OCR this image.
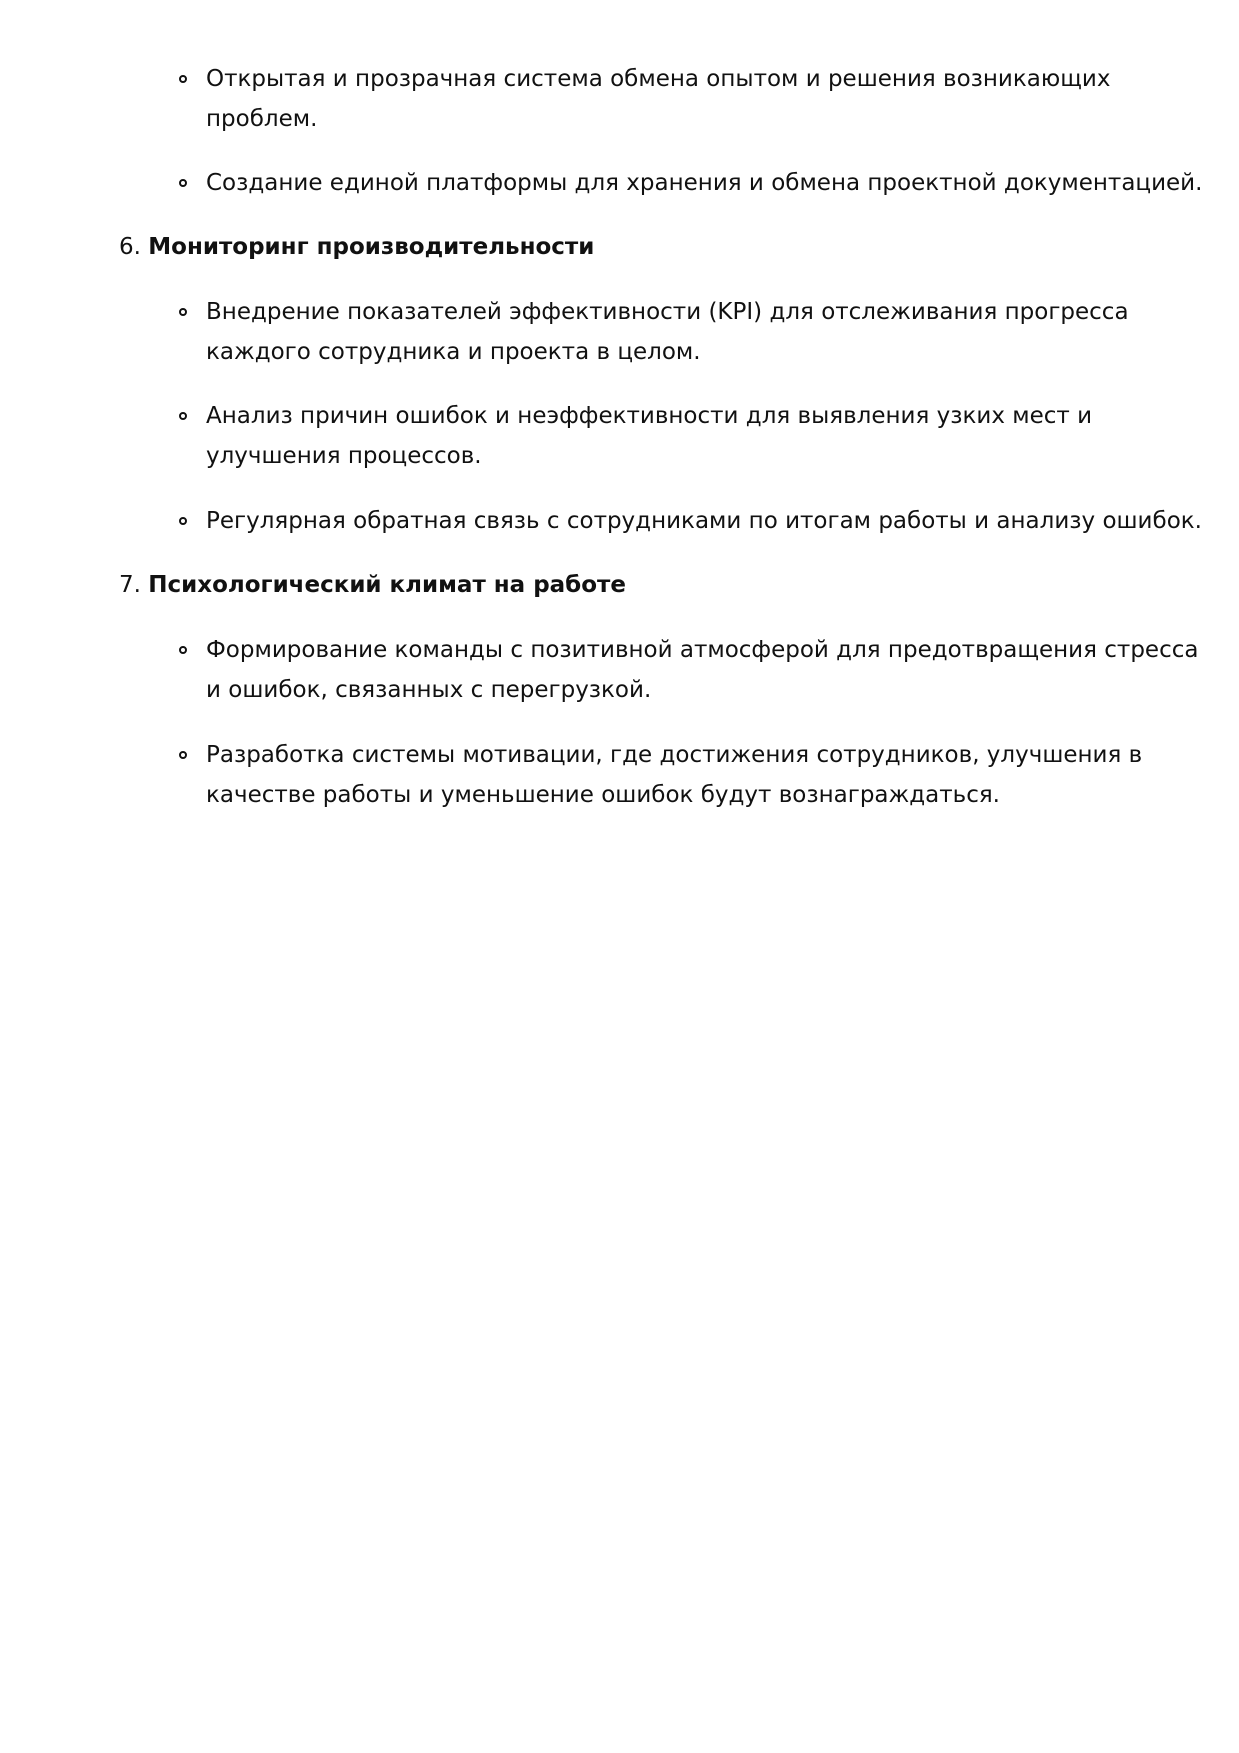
Открытая и прозрачная система обмена опытом и решения возникающих
проблем.
Создание единой платформы для хранения и обмена проектной документацией.
6. Мониторинг производительности
Внедрение показателей эффективности (KPI) для отслеживания прогресса
каждого сотрудника и проекта в целом.
Анализ причин ошибок и неэффективности для выявления узких мест и
улучшения процессов.
Регулярная обратная связь с сотрудниками по итогам работы и анализу ошибок.
7. Психологический климат на работе
Формирование команды с позитивной атмосферой для предотвращения стресса
и ошибок, связанных с перегрузкой.
Разработка системы мотивации, где достижения сотрудников, улучшения в
качестве работы и уменьшение ошибок будут вознаграждаться.
